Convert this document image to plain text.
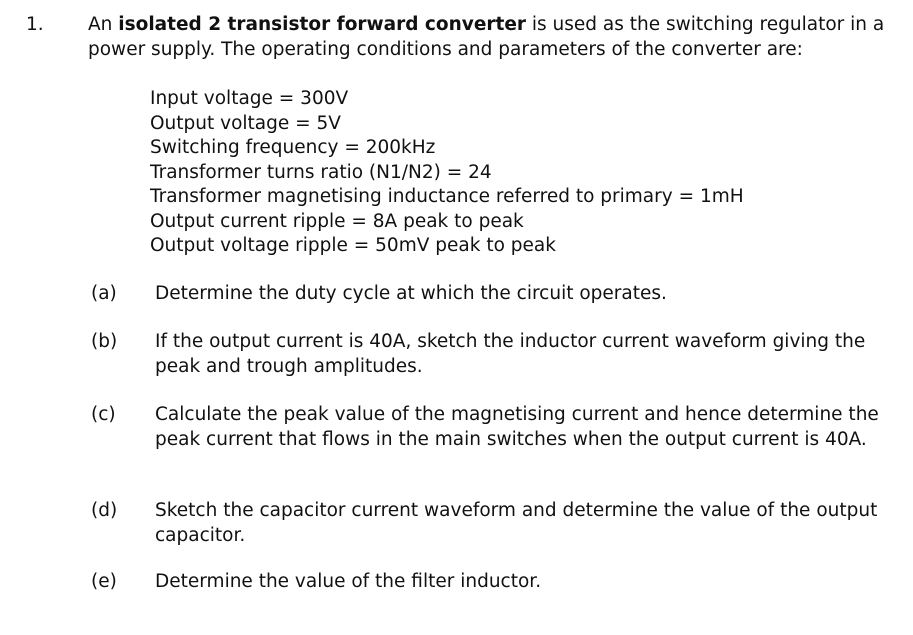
1. An isolated 2 transistor forward converter is used as the switching regulator in a power supply. The operating conditions and parameters of the converter are:
Input voltage = 300V
Output voltage = 5V
Switching frequency = 200kHz
Transformer turns ratio (N1/N2) = 24
Transformer magnetising inductance referred to primary = 1mH
Output current ripple = 8A peak to peak
Output voltage ripple = 50mV peak to peak
(a) Determine the duty cycle at which the circuit operates.
(b) If the output current is 40A, sketch the inductor current waveform giving the peak and trough amplitudes.
(c) Calculate the peak value of the magnetising current and hence determine the peak current that flows in the main switches when the output current is 40A.
(d) Sketch the capacitor current waveform and determine the value of the output capacitor.
(e) Determine the value of the filter inductor.
